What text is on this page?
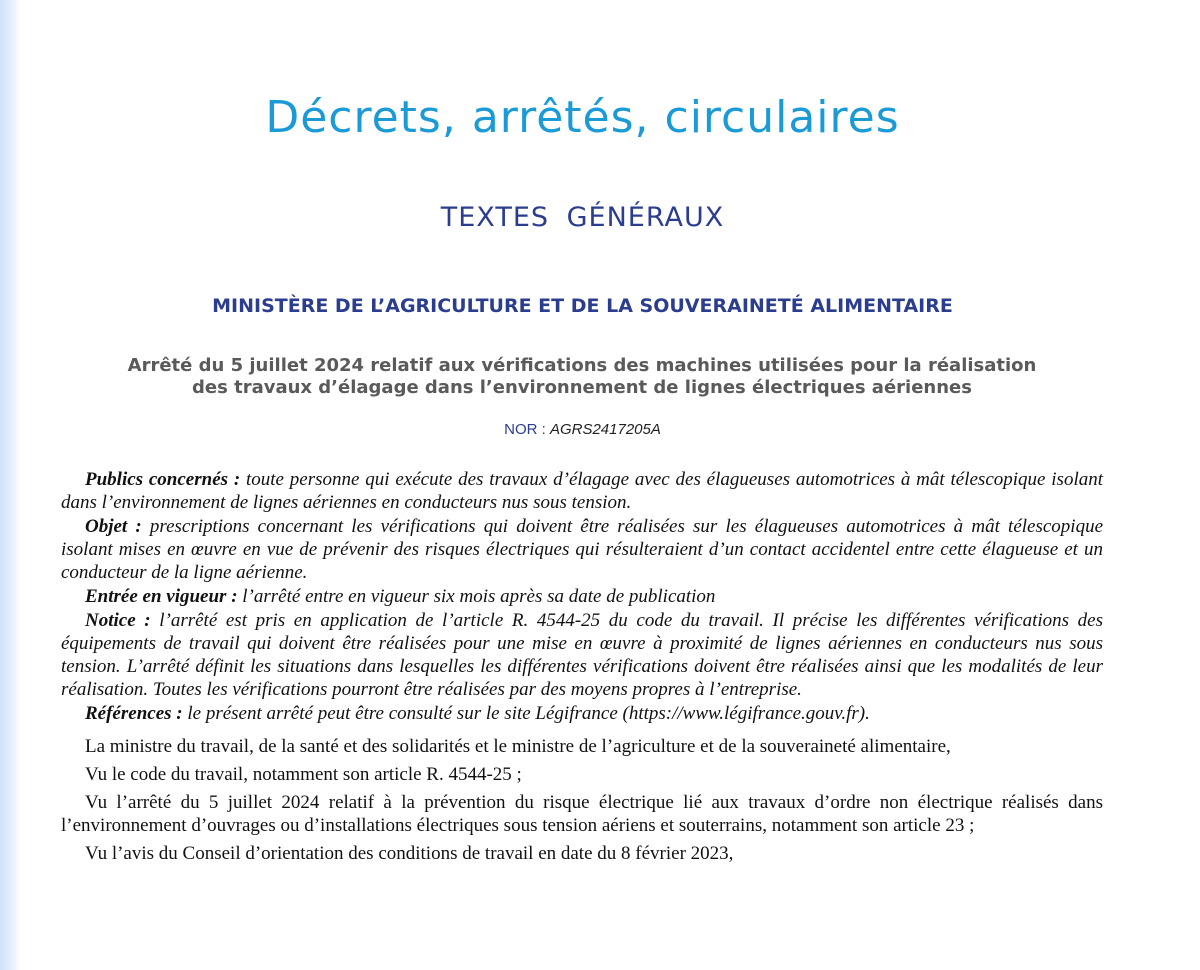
Décrets, arrêtés, circulaires
TEXTES GÉNÉRAUX
MINISTÈRE DE L’AGRICULTURE ET DE LA SOUVERAINETÉ ALIMENTAIRE
Arrêté du 5 juillet 2024 relatif aux vérifications des machines utilisées pour la réalisation
des travaux d’élagage dans l’environnement de lignes électriques aériennes
NOR : AGRS2417205A

Publics concernés : toute personne qui exécute des travaux d’élagage avec des élagueuses automotrices à mât télescopique isolant dans l’environnement de lignes aériennes en conducteurs nus sous tension.

Objet : prescriptions concernant les vérifications qui doivent être réalisées sur les élagueuses automotrices à mât télescopique isolant mises en œuvre en vue de prévenir des risques électriques qui résulteraient d’un contact accidentel entre cette élagueuse et un conducteur de la ligne aérienne.

Entrée en vigueur : l’arrêté entre en vigueur six mois après sa date de publication

Notice : l’arrêté est pris en application de l’article R. 4544-25 du code du travail. Il précise les différentes vérifications des équipements de travail qui doivent être réalisées pour une mise en œuvre à proximité de lignes aériennes en conducteurs nus sous tension. L’arrêté définit les situations dans lesquelles les différentes vérifications doivent être réalisées ainsi que les modalités de leur réalisation. Toutes les vérifications pourront être réalisées par des moyens propres à l’entreprise.

Références : le présent arrêté peut être consulté sur le site Légifrance (https://www.légifrance.gouv.fr).

La ministre du travail, de la santé et des solidarités et le ministre de l’agriculture et de la souveraineté alimentaire,

Vu le code du travail, notamment son article R. 4544-25 ;

Vu l’arrêté du 5 juillet 2024 relatif à la prévention du risque électrique lié aux travaux d’ordre non électrique réalisés dans l’environnement d’ouvrages ou d’installations électriques sous tension aériens et souterrains, notamment son article 23 ;

Vu l’avis du Conseil d’orientation des conditions de travail en date du 8 février 2023,
